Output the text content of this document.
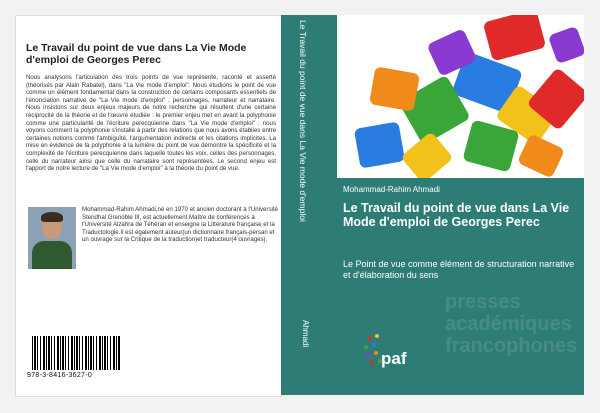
Le Travail du point de vue dans La Vie Mode d'emploi de Georges Perec
Nous analysons l'articulation des trois points de vue représenté, raconté et asserté (théorisés par Alain Rabatel), dans "La Vie mode d'emploi". Nous étudions le point de vue comme un élément fondamental dans la construction de certains composants essentiels de l'énonciation narrative de "La Vie mode d'emploi" : personnages, narrateur et narrataire. Nous insistons sur deux enjeux majeurs de notre recherche qui résultent d'une certaine réciprocité de la théorie et de l'œuvre étudiée : le premier enjeu met en avant la polyphonie comme une particularité de l'écriture perecquienne dans "La Vie mode d'emploi" : nous voyons comment la polyphonie s'installe à partir des relations que nous avons établies entre certaines notions comme l'ambiguïté, l'argumentation indirecte et les citations implicites. La mise en évidence de la polyphonie à la lumière du point de vue démontre la spécificité et la complexité de l'écriture perecquienne dans laquelle toutes les voix, celles des personnages, celle du narrateur ainsi que celle du narrataire sont représentées. Le second enjeu est l'apport de notre lecture de "La Vie mode d'emploi" à la théorie du point de vue.
Mohammad-Rahim Ahmadi,né en 1970 et ancien doctorant à l'Université Stendhal Grenoble III, est actuellement Maître de conférences à l'Université Alzahra de Téhéran et enseigne la Littérature française et la Traductologie.Il est également auteur(un dictionnaire français-persan et un ouvrage sur la Critique de la traduction)et traducteur(4 ouvrages).
978-3-8416-3627-0
Le Travail du point de vue dans La Vie mode d'emploi
Ahmadi
Mohammad-Rahim Ahmadi
Le Travail du point de vue dans La Vie Mode d'emploi de Georges Perec
Le Point de vue comme élément de structuration narrative et d'élaboration du sens
presses académiques francophones
paf
